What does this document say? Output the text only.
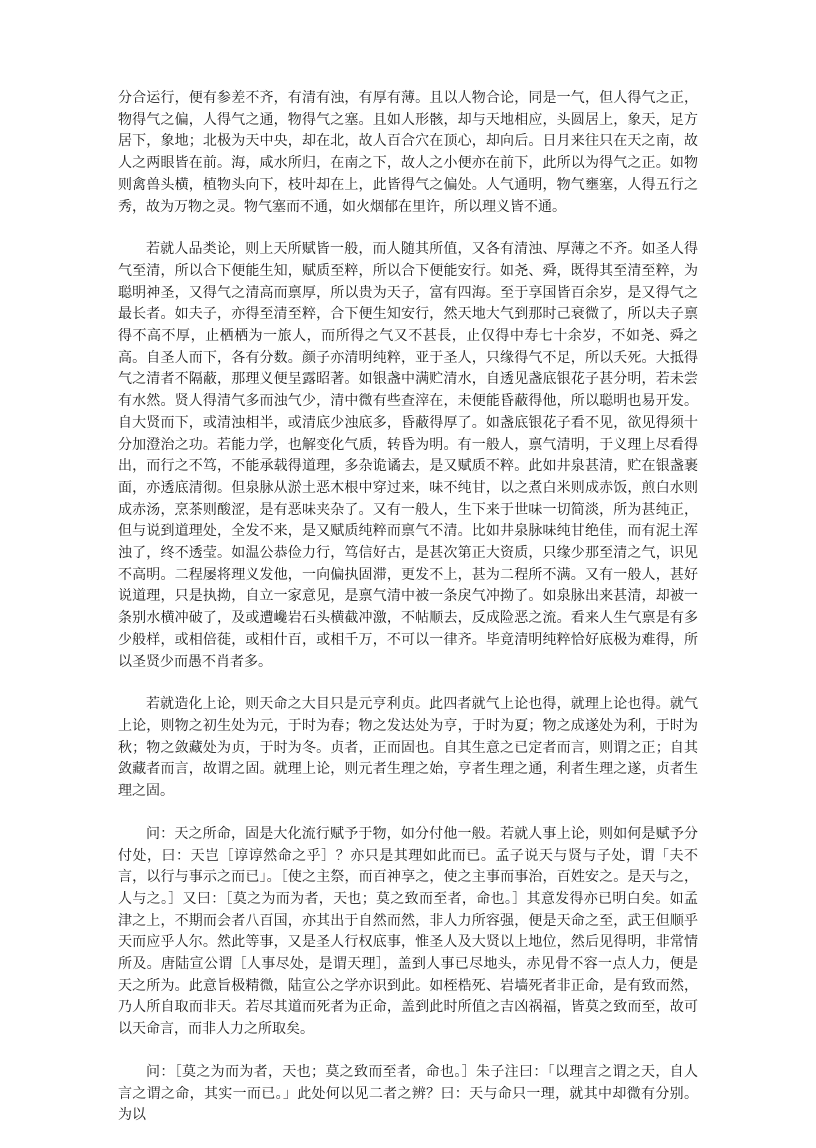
分合运行，便有参差不齐，有清有浊，有厚有薄。且以人物合论，同是一气，但人得气之正，物得气之偏，人得气之通，物得气之塞。且如人形骸，却与天地相应，头圆居上，象天，足方居下，象地；北极为天中央，却在北，故人百合穴在顶心，却向后。日月来往只在天之南，故人之两眼皆在前。海，咸水所归，在南之下，故人之小便亦在前下，此所以为得气之正。如物则禽兽头横，植物头向下，枝叶却在上，此皆得气之偏处。人气通明，物气壅塞，人得五行之秀，故为万物之灵。物气塞而不通，如火烟郁在里许，所以理义皆不通。

若就人品类论，则上天所赋皆一般，而人随其所值，又各有清浊、厚薄之不齐。如圣人得气至清，所以合下便能生知，赋质至粹，所以合下便能安行。如尧、舜，既得其至清至粹，为聪明神圣，又得气之清高而禀厚，所以贵为天子，富有四海。至于享国皆百余岁，是又得气之最长者。如夫子，亦得至清至粹，合下便生知安行，然天地大气到那时己衰微了，所以夫子禀得不高不厚，止栖栖为一旅人，而所得之气又不甚長，止仅得中寿七十余岁，不如尧、舜之高。自圣人而下，各有分数。颜子亦清明纯粹，亚于圣人，只缘得气不足，所以夭死。大抵得气之清者不隔蔽，那理义便呈露昭著。如银盏中满贮清水，自透见盏底银花子甚分明，若未尝有水然。贤人得清气多而浊气少，清中微有些查滓在，未便能昏蔽得他，所以聪明也易开发。自大贤而下，或清浊相半，或清底少浊底多，昏蔽得厚了。如盏底银花子看不见，欲见得须十分加澄治之功。若能力学，也解变化气质，转昏为明。有一般人，禀气清明，于义理上尽看得出，而行之不笃，不能承载得道理，多杂诡谲去，是又赋质不粹。此如井泉甚清，贮在银盏裹面，亦透底清彻。但泉脉从淤土恶木根中穿过来，味不纯甘，以之煮白米则成赤饭，煎白水则成赤汤，烹茶则酸涩，是有恶味夹杂了。又有一般人，生下来于世味一切简淡，所为甚纯正，但与说到道理处，全发不来，是又赋质纯粹而禀气不清。比如井泉脉味纯甘绝佳，而有泥土浑浊了，终不透莹。如温公恭俭力行，笃信好古，是甚次第正大资质，只缘少那至清之气，识见不高明。二程屡将理义发他，一向偏执固滞，更发不上，甚为二程所不满。又有一般人，甚好说道理，只是执拗，自立一家意见，是禀气清中被一条戾气冲拗了。如泉脉出来甚清，却被一条别水横冲破了，及或遭巉岩石头横截冲激，不帖顺去，反成险恶之流。看来人生气禀是有多少般样，或相倍蓰，或相什百，或相千万，不可以一律齐。毕竟清明纯粹恰好底极为难得，所以圣贤少而愚不肖者多。

若就造化上论，则天命之大目只是元亨利贞。此四者就气上论也得，就理上论也得。就气上论，则物之初生处为元，于时为春；物之发达处为亨，于时为夏；物之成遂处为利，于时为秋；物之敛藏处为贞，于时为冬。贞者，正而固也。自其生意之已定者而言，则谓之正；自其敛藏者而言，故谓之固。就理上论，则元者生理之始，亨者生理之通，利者生理之遂，贞者生理之固。

问：天之所命，固是大化流行赋予于物，如分付他一般。若就人事上论，则如何是赋予分付处，曰：天岂［谆谆然命之乎］？亦只是其理如此而已。孟子说天与贤与子处，谓「夫不言，以行与事示之而已」。［使之主祭，而百神享之，使之主事而事治，百姓安之。是天与之，人与之。］又曰：［莫之为而为者，天也；莫之致而至者，命也。］其意发得亦已明白矣。如孟津之上，不期而会者八百国，亦其出于自然而然，非人力所容强，便是天命之至，武王但顺乎天而应乎人尔。然此等事，又是圣人行权底事，惟圣人及大贤以上地位，然后见得明，非常情所及。唐陆宣公谓［人事尽处，是谓天理］，盖到人事已尽地头，赤见骨不容一点人力，便是天之所为。此意旨极精微，陆宣公之学亦识到此。如桎梏死、岩墙死者非正命，是有致而然，乃人所自取而非天。若尽其道而死者为正命，盖到此时所值之吉凶祸福，皆莫之致而至，故可以天命言，而非人力之所取矣。

问：［莫之为而为者，天也；莫之致而至者，命也。］朱子注曰：「以理言之谓之天，自人言之谓之命，其实一而已。」此处何以见二者之辨？曰：天与命只一理，就其中却微有分别。为以
